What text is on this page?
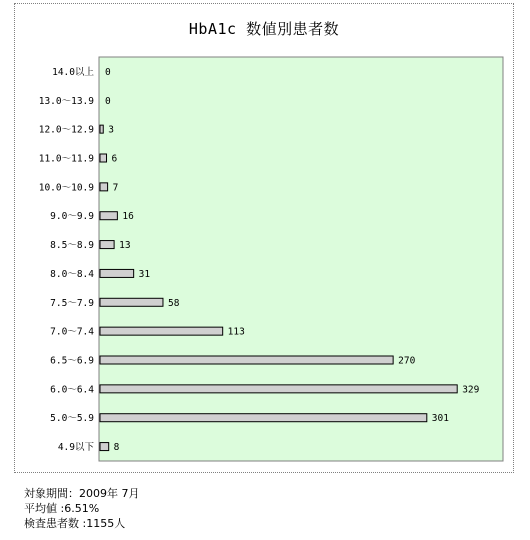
HbA1c 数値別患者数
14.0以上 0
13.0～13.9 0
12.0～12.9 3
11.0～11.9 6
10.0～10.9 7
9.0～9.9	16
8.5～8.9	13
8.0～8.4	31
7.5～7.9	58
7.0～7.4	113
6.5～6.9	270
6.0～6.4	329
5.0～5.9	301
4.9以下 8
対象期間：2009年 7月
平均値 :6.51%
検査患者数 :1155人
